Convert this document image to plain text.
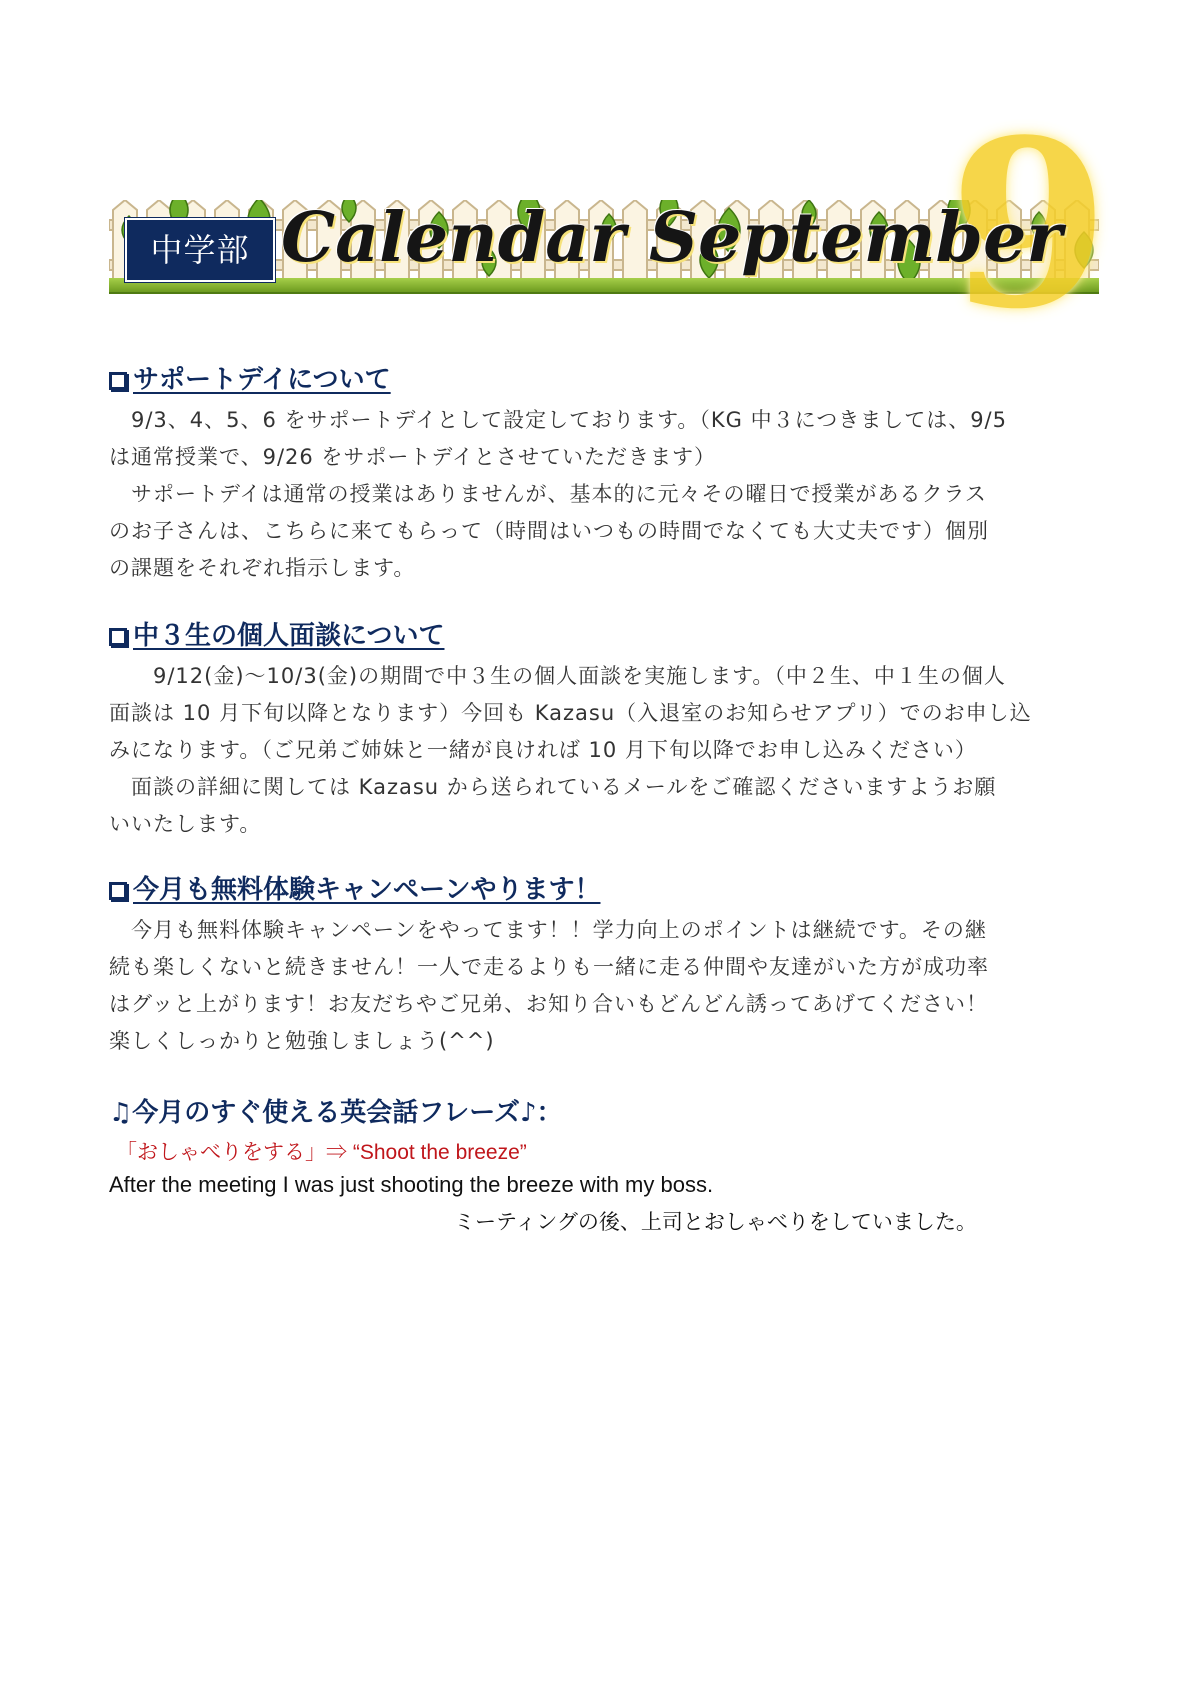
9
中学部 Calendar September
サポートデイについて

　9/3、4、5、6 をサポートデイとして設定しております。（KG 中３につきましては、9/5

は通常授業で、9/26 をサポートデイとさせていただきます）

　サポートデイは通常の授業はありませんが、基本的に元々その曜日で授業があるクラス

のお子さんは、こちらに来てもらって（時間はいつもの時間でなくても大丈夫です）個別

の課題をそれぞれ指示します。

中３生の個人面談について

　　9/12(金)～10/3(金)の期間で中３生の個人面談を実施します。（中２生、中１生の個人

面談は 10 月下旬以降となります）今回も Kazasu（入退室のお知らせアプリ）でのお申し込

みになります。（ご兄弟ご姉妹と一緒が良ければ 10 月下旬以降でお申し込みください）

　面談の詳細に関しては Kazasu から送られているメールをご確認くださいますようお願

いいたします。

今月も無料体験キャンペーンやります！

　今月も無料体験キャンペーンをやってます！！学力向上のポイントは継続です。その継

続も楽しくないと続きません！一人で走るよりも一緒に走る仲間や友達がいた方が成功率

はグッと上がります！お友だちやご兄弟、お知り合いもどんどん誘ってあげてください！

楽しくしっかりと勉強しましょう(^^)

♫今月のすぐ使える英会話フレーズ♪：
「おしゃべりをする」⇒ “Shoot the breeze”
After the meeting I was just shooting the breeze with my boss.
ミーティングの後、上司とおしゃべりをしていました。
